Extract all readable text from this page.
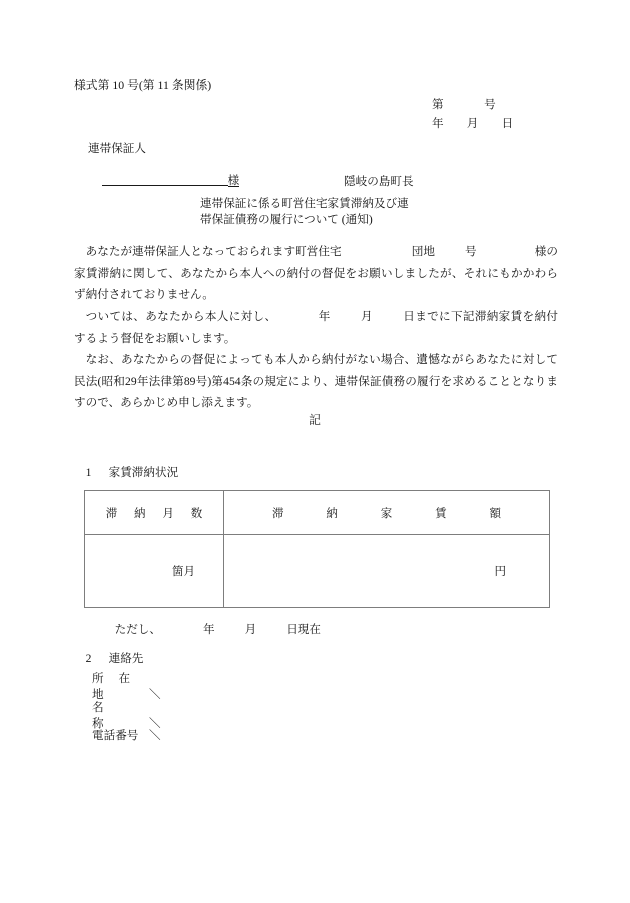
様式第 10 号(第 11 条関係)
第              号
年        月        日
連帯保証人

様
	隠岐の島町長
連帯保証に係る町営住宅家賃滞納及び連
帯保証債務の履行について (通知)
あなたが連帯保証人となっておられます町営住宅	団地	号	様の家賃滞納に関して、あなたから本人への納付の督促をお願いしましたが、それにもかかわらず納付されておりません。
ついては、あなたから本人に対し、	年	月	日までに下記滞納家賃を納付するよう督促をお願いします。
なお、あなたからの督促によっても本人から納付がない場合、遺憾ながらあなたに対して民法(昭和29年法律第89号)第454条の規定により、連帯保証債務の履行を求めることとなりますので、あらかじめ申し添えます。
記

1 家賃滞納状況

滞 納 月 数	滞 納 家 賃 額
箇月	円

ただし、	年	月	日現在

2 連絡先

所 在 地	＼
名 称	＼
電話番号 ＼
